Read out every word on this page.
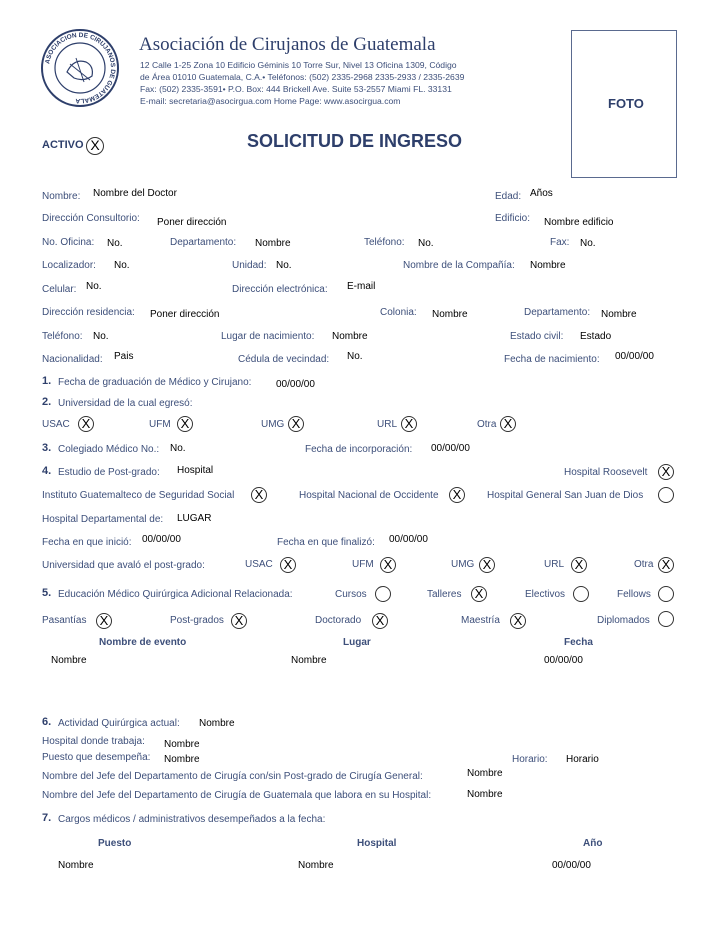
ASOCIACION DE CIRUJANOS DE GUATEMALA
Asociación de Cirujanos de Guatemala
12 Calle 1-25 Zona 10 Edificio Géminis 10 Torre Sur, Nivel 13 Oficina 1309, Código
de Área 01010 Guatemala, C.A.• Teléfonos: (502) 2335-2968 2335-2933 / 2335-2639
Fax: (502) 2335-3591• P.O. Box: 444 Brickell Ave. Suite 53-2557 Miami FL. 33131
E-mail: secretaria@asocirgua.com Home Page: www.asocirgua.com	FOTO
ACTIVO X	SOLICITUD DE INGRESO
Nombre: Nombre del Doctor	Edad: Años
Dirección Consultorio: Poner dirección	Edificio: Nombre edificio
No. Oficina: No.	Departamento: Nombre	Teléfono: No.	Fax: No.
Localizador: No.	Unidad: No.	Nombre de la Compañía: Nombre
Celular: No.	Dirección electrónica: E-mail
Dirección residencia: Poner dirección	Colonia: Nombre	Departamento: Nombre
Teléfono: No.	Lugar de nacimiento: Nombre	Estado civil: Estado
Nacionalidad: Pais	Cédula de vecindad: No.	Fecha de nacimiento: 00/00/00
1. Fecha de graduación de Médico y Cirujano: 00/00/00
2. Universidad de la cual egresó:
USAC X	UFM X	UMG X	URL X	Otra X
3. Colegiado Médico No.: No.	Fecha de incorporación: 00/00/00
4. Estudio de Post-grado: Hospital	Hospital Roosevelt X
Instituto Guatemalteco de Seguridad Social X	Hospital Nacional de Occidente X	Hospital General San Juan de Dios
Hospital Departamental de: LUGAR
Fecha en que inició: 00/00/00	Fecha en que finalizó: 00/00/00
Universidad que avaló el post-grado:	USAC X	UFM X	UMG X	URL X	Otra X
5. Educación Médico Quirúrgica Adicional Relacionada:	Cursos	Talleres X	Electivos	Fellows
Pasantías X	Post-grados X	Doctorado X	Maestría X	Diplomados
Nombre de evento	Lugar	Fecha
Nombre	Nombre	00/00/00
6. Actividad Quirúrgica actual: Nombre
Hospital donde trabaja: Nombre
Puesto que desempeña: Nombre	Horario: Horario
Nombre del Jefe del Departamento de Cirugía con/sin Post-grado de Cirugía General:	Nombre
Nombre del Jefe del Departamento de Cirugía de Guatemala que labora en su Hospital:	Nombre
7. Cargos médicos / administrativos desempeñados a la fecha:
Puesto	Hospital	Año
Nombre	Nombre	00/00/00
